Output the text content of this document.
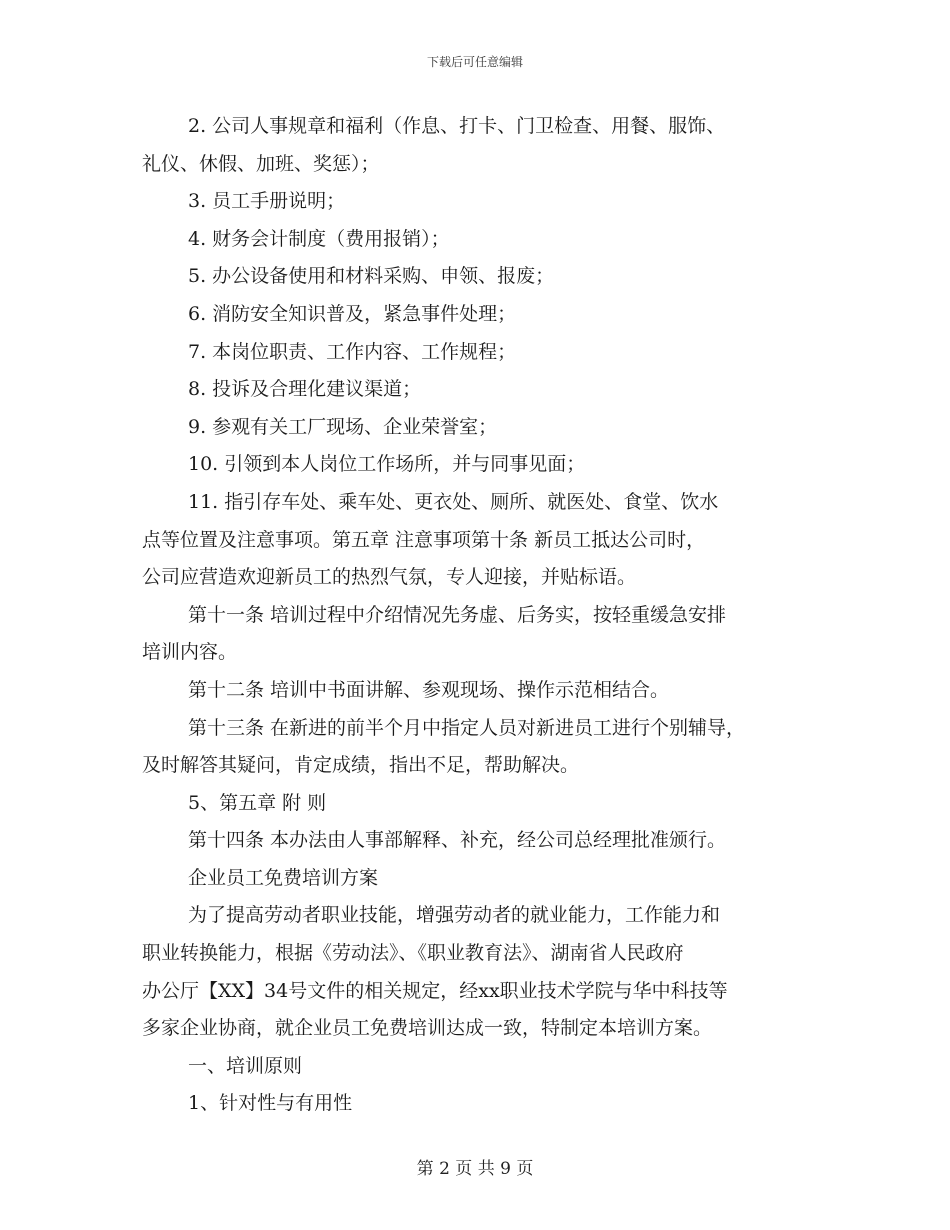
下载后可任意编辑

2. 公司人事规章和福利（作息、打卡、门卫检查、用餐、服饰、

礼仪、休假、加班、奖惩）；

3. 员工手册说明；

4. 财务会计制度（费用报销）；

5. 办公设备使用和材料采购、申领、报废；

6. 消防安全知识普及，紧急事件处理；

7. 本岗位职责、工作内容、工作规程；

8. 投诉及合理化建议渠道；

9. 参观有关工厂现场、企业荣誉室；

10. 引领到本人岗位工作场所，并与同事见面；

11. 指引存车处、乘车处、更衣处、厕所、就医处、食堂、饮水

点等位置及注意事项。第五章 注意事项第十条 新员工抵达公司时，

公司应营造欢迎新员工的热烈气氛，专人迎接，并贴标语。

第十一条 培训过程中介绍情况先务虚、后务实，按轻重缓急安排

培训内容。

第十二条 培训中书面讲解、参观现场、操作示范相结合。

第十三条 在新进的前半个月中指定人员对新进员工进行个别辅导，

及时解答其疑问，肯定成绩，指出不足，帮助解决。

5、第五章 附 则

第十四条 本办法由人事部解释、补充，经公司总经理批准颁行。

企业员工免费培训方案

为了提高劳动者职业技能，增强劳动者的就业能力，工作能力和

职业转换能力，根据《劳动法》、《职业教育法》、湖南省人民政府

办公厅【XX】34号文件的相关规定，经xx职业技术学院与华中科技等

多家企业协商，就企业员工免费培训达成一致，特制定本培训方案。

一、培训原则

1、针对性与有用性

第 2 页 共 9 页
